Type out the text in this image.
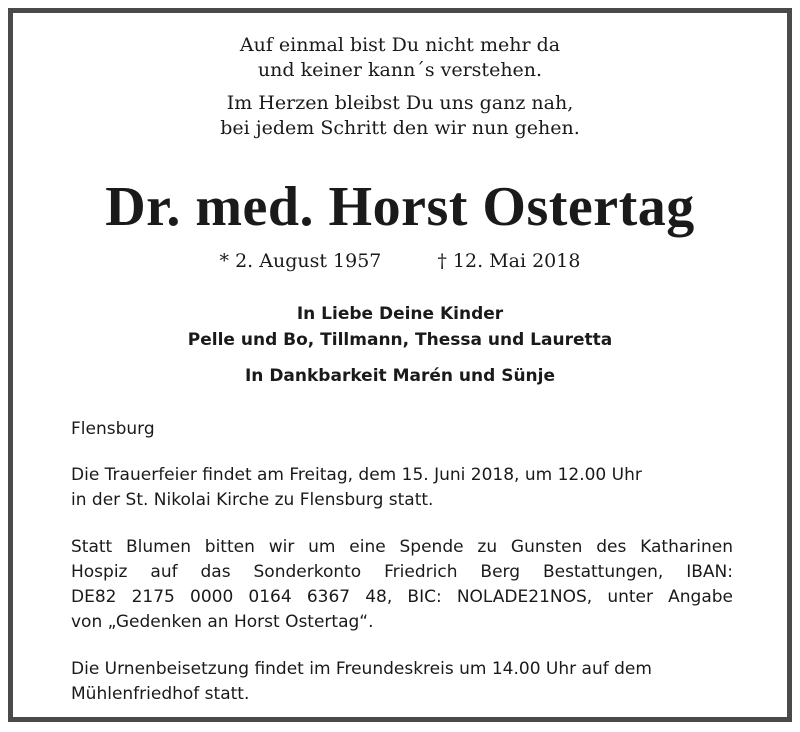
Auf einmal bist Du nicht mehr da
und keiner kann´s verstehen.
Im Herzen bleibst Du uns ganz nah,
bei jedem Schritt den wir nun gehen.
Dr. med. Horst Ostertag
* 2. August 1957	† 12. Mai 2018
In Liebe Deine Kinder
Pelle und Bo, Tillmann, Thessa und Lauretta
In Dankbarkeit Marén und Sünje
Flensburg
Die Trauerfeier findet am Freitag, dem 15. Juni 2018, um 12.00 Uhr
in der St. Nikolai Kirche zu Flensburg statt.
Statt Blumen bitten wir um eine Spende zu Gunsten des Katharinen
Hospiz auf das Sonderkonto Friedrich Berg Bestattungen, IBAN:
DE82 2175 0000 0164 6367 48, BIC: NOLADE21NOS, unter Angabe
von „Gedenken an Horst Ostertag“.
Die Urnenbeisetzung findet im Freundeskreis um 14.00 Uhr auf dem
Mühlenfriedhof statt.
